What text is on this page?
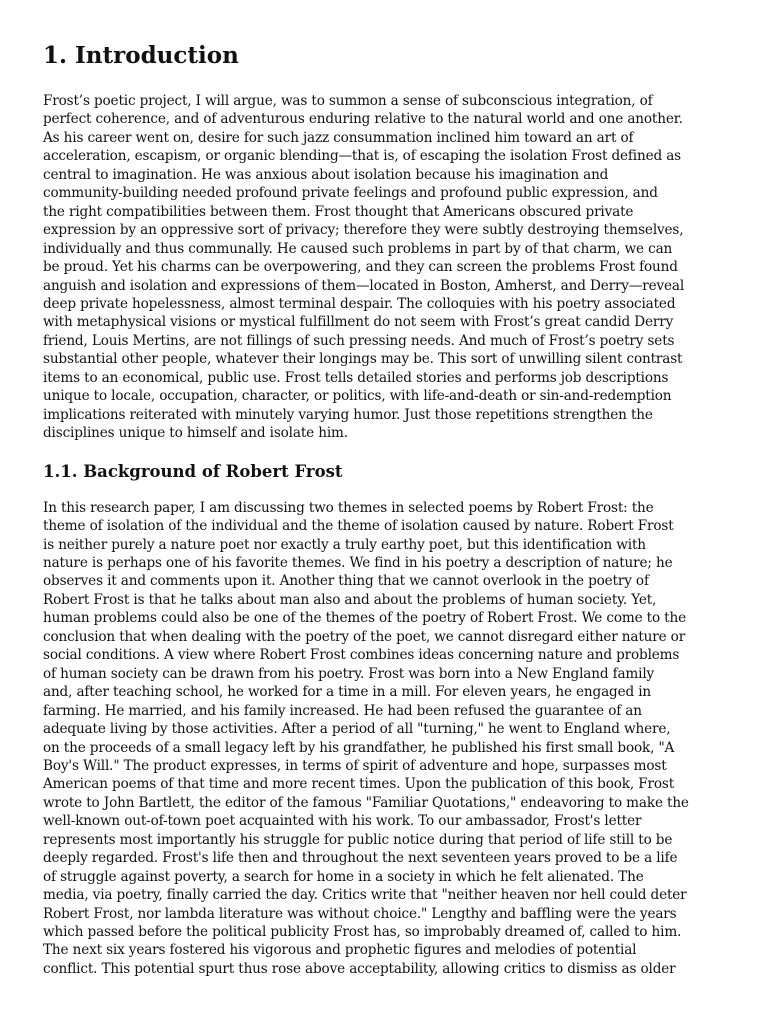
1. Introduction

Frost’s poetic project, I will argue, was to summon a sense of subconscious integration, of
perfect coherence, and of adventurous enduring relative to the natural world and one another.
As his career went on, desire for such jazz consummation inclined him toward an art of
acceleration, escapism, or organic blending—that is, of escaping the isolation Frost defined as
central to imagination. He was anxious about isolation because his imagination and
community-building needed profound private feelings and profound public expression, and
the right compatibilities between them. Frost thought that Americans obscured private
expression by an oppressive sort of privacy; therefore they were subtly destroying themselves,
individually and thus communally. He caused such problems in part by of that charm, we can
be proud. Yet his charms can be overpowering, and they can screen the problems Frost found
anguish and isolation and expressions of them—located in Boston, Amherst, and Derry—reveal
deep private hopelessness, almost terminal despair. The colloquies with his poetry associated
with metaphysical visions or mystical fulfillment do not seem with Frost’s great candid Derry
friend, Louis Mertins, are not fillings of such pressing needs. And much of Frost’s poetry sets
substantial other people, whatever their longings may be. This sort of unwilling silent contrast
items to an economical, public use. Frost tells detailed stories and performs job descriptions
unique to locale, occupation, character, or politics, with life-and-death or sin-and-redemption
implications reiterated with minutely varying humor. Just those repetitions strengthen the
disciplines unique to himself and isolate him.

1.1. Background of Robert Frost

In this research paper, I am discussing two themes in selected poems by Robert Frost: the
theme of isolation of the individual and the theme of isolation caused by nature. Robert Frost
is neither purely a nature poet nor exactly a truly earthy poet, but this identification with
nature is perhaps one of his favorite themes. We find in his poetry a description of nature; he
observes it and comments upon it. Another thing that we cannot overlook in the poetry of
Robert Frost is that he talks about man also and about the problems of human society. Yet,
human problems could also be one of the themes of the poetry of Robert Frost. We come to the
conclusion that when dealing with the poetry of the poet, we cannot disregard either nature or
social conditions. A view where Robert Frost combines ideas concerning nature and problems
of human society can be drawn from his poetry. Frost was born into a New England family
and, after teaching school, he worked for a time in a mill. For eleven years, he engaged in
farming. He married, and his family increased. He had been refused the guarantee of an
adequate living by those activities. After a period of all "turning," he went to England where,
on the proceeds of a small legacy left by his grandfather, he published his first small book, "A
Boy's Will." The product expresses, in terms of spirit of adventure and hope, surpasses most
American poems of that time and more recent times. Upon the publication of this book, Frost
wrote to John Bartlett, the editor of the famous "Familiar Quotations," endeavoring to make the
well-known out-of-town poet acquainted with his work. To our ambassador, Frost's letter
represents most importantly his struggle for public notice during that period of life still to be
deeply regarded. Frost's life then and throughout the next seventeen years proved to be a life
of struggle against poverty, a search for home in a society in which he felt alienated. The
media, via poetry, finally carried the day. Critics write that "neither heaven nor hell could deter
Robert Frost, nor lambda literature was without choice." Lengthy and baffling were the years
which passed before the political publicity Frost has, so improbably dreamed of, called to him.
The next six years fostered his vigorous and prophetic figures and melodies of potential
conflict. This potential spurt thus rose above acceptability, allowing critics to dismiss as older
